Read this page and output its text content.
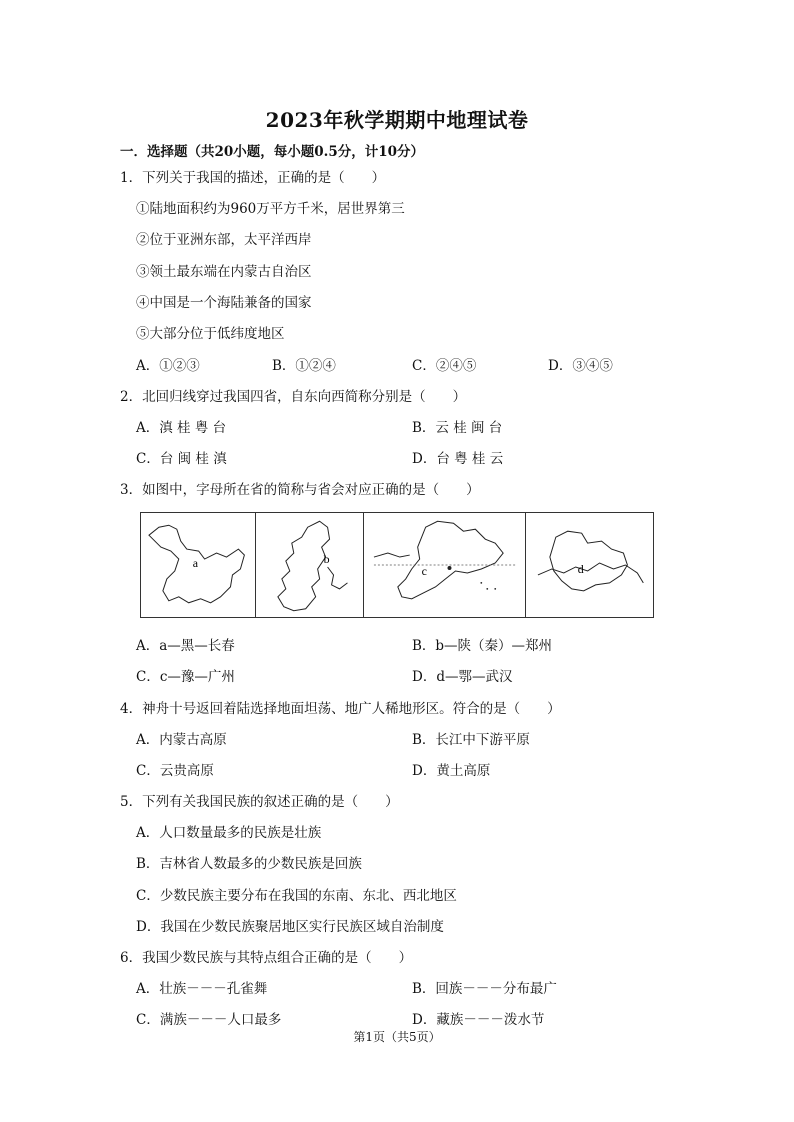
2023年秋学期期中地理试卷
一．选择题（共20小题，每小题0.5分，计10分）
1．下列关于我国的描述，正确的是（　　）
①陆地面积约为960万平方千米，居世界第三
②位于亚洲东部，太平洋西岸
③领土最东端在内蒙古自治区
④中国是一个海陆兼备的国家
⑤大部分位于低纬度地区
A．①②③	B．①②④	C．②④⑤	D．③④⑤
2．北回归线穿过我国四省，自东向西简称分别是（　　）
A．滇 桂 粤 台	B．云 桂 闽 台
C．台 闽 桂 滇	D．台 粤 桂 云
3．如图中，字母所在省的简称与省会对应正确的是（　　）
a	b
c	d
A．a—黑—长春	B．b—陕（秦）—郑州
C．c—豫—广州	D．d—鄂—武汉
4．神舟十号返回着陆选择地面坦荡、地广人稀地形区。符合的是（　　）
A．内蒙古高原	B．长江中下游平原
C．云贵高原	D．黄土高原
5．下列有关我国民族的叙述正确的是（　　）
A．人口数量最多的民族是壮族
B．吉林省人数最多的少数民族是回族
C．少数民族主要分布在我国的东南、东北、西北地区
D．我国在少数民族聚居地区实行民族区域自治制度
6．我国少数民族与其特点组合正确的是（　　）
A．壮族－－－孔雀舞	B．回族－－－分布最广
C．满族－－－人口最多	D．藏族－－－泼水节
第1页（共5页）
